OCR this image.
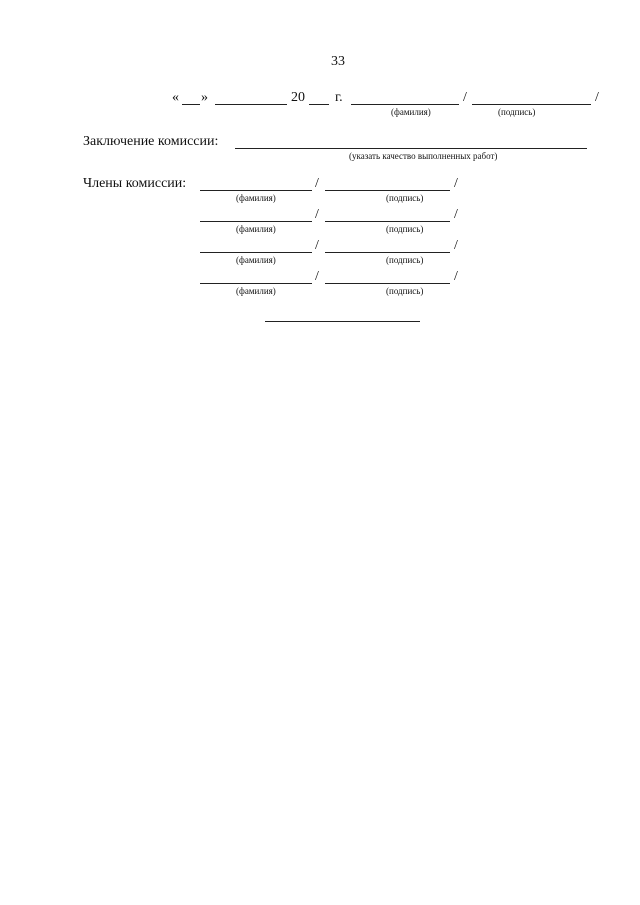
33
« »	20 г.	/	/
(фамилия)	(подпись)
Заключение комиссии:
(указать качество выполненных работ)
Члены комиссии:	/	/
(фамилия)	(подпись)
/	/
(фамилия)	(подпись)
/	/
(фамилия)	(подпись)
/	/
(фамилия)	(подпись)
